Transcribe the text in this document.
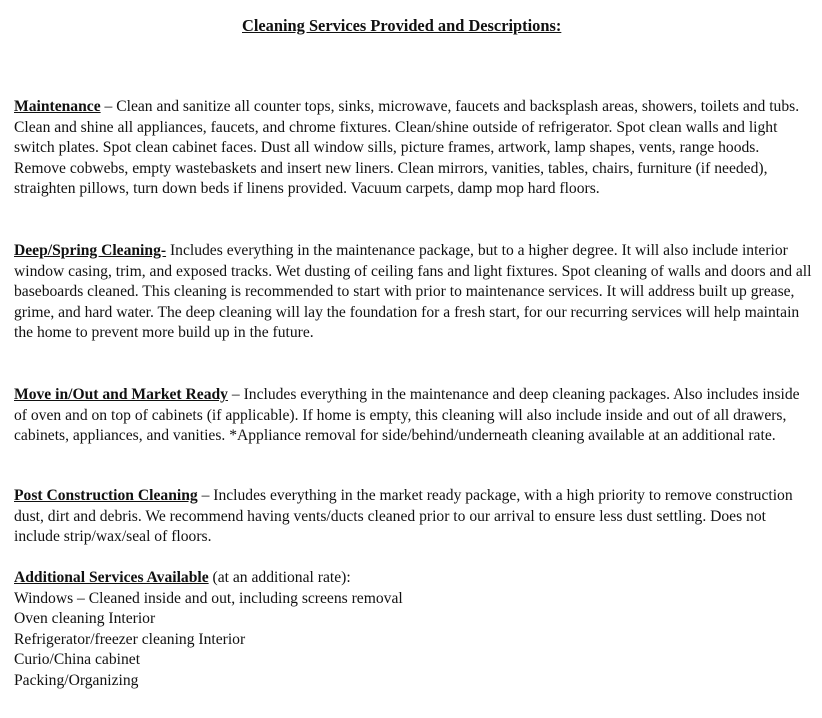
Cleaning Services Provided and Descriptions:

Maintenance – Clean and sanitize all counter tops, sinks, microwave, faucets and backsplash areas, showers, toilets and tubs. Clean and shine all appliances, faucets, and chrome fixtures. Clean/shine outside of refrigerator. Spot clean walls and light switch plates. Spot clean cabinet faces. Dust all window sills, picture frames, artwork, lamp shapes, vents, range hoods. Remove cobwebs, empty wastebaskets and insert new liners. Clean mirrors, vanities, tables, chairs, furniture (if needed), straighten pillows, turn down beds if linens provided. Vacuum carpets, damp mop hard floors.

Deep/Spring Cleaning- Includes everything in the maintenance package, but to a higher degree. It will also include interior window casing, trim, and exposed tracks. Wet dusting of ceiling fans and light fixtures. Spot cleaning of walls and doors and all baseboards cleaned. This cleaning is recommended to start with prior to maintenance services. It will address built up grease, grime, and hard water. The deep cleaning will lay the foundation for a fresh start, for our recurring services will help maintain the home to prevent more build up in the future.

Move in/Out and Market Ready – Includes everything in the maintenance and deep cleaning packages. Also includes inside of oven and on top of cabinets (if applicable). If home is empty, this cleaning will also include inside and out of all drawers, cabinets, appliances, and vanities. *Appliance removal for side/behind/underneath cleaning available at an additional rate.

Post Construction Cleaning – Includes everything in the market ready package, with a high priority to remove construction dust, dirt and debris. We recommend having vents/ducts cleaned prior to our arrival to ensure less dust settling. Does not include strip/wax/seal of floors.

Additional Services Available (at an additional rate):
Windows – Cleaned inside and out, including screens removal
Oven cleaning Interior
Refrigerator/freezer cleaning Interior
Curio/China cabinet
Packing/Organizing
